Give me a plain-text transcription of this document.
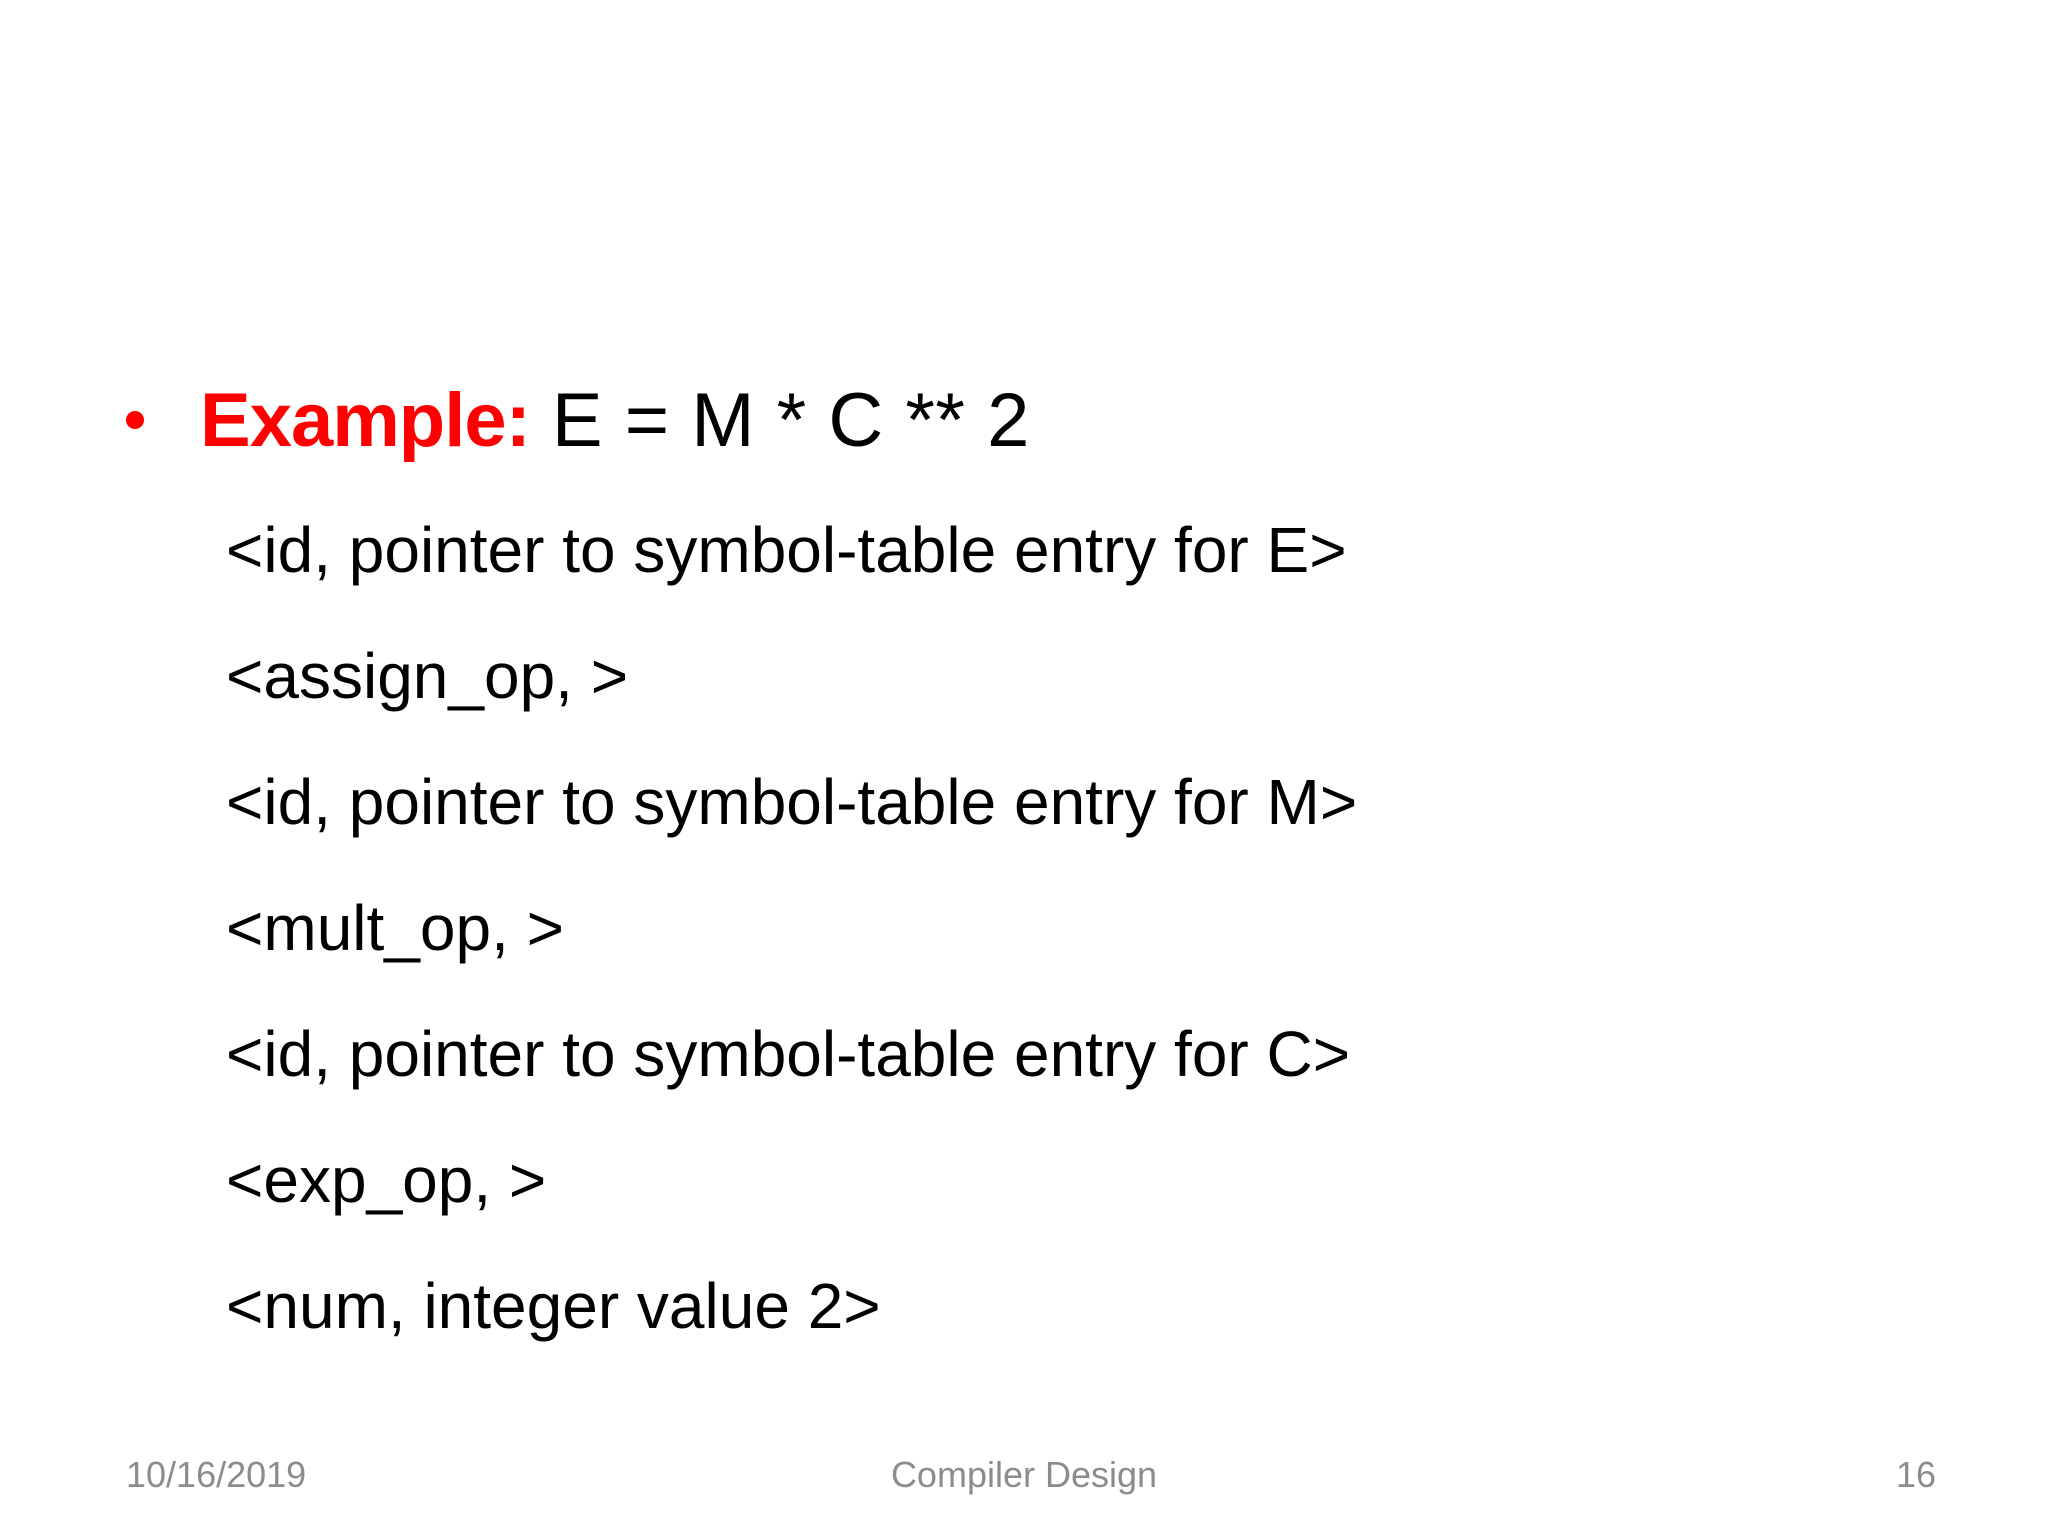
Example: E = M * C ** 2
<id, pointer to symbol-table entry for E>
<assign_op, >
<id, pointer to symbol-table entry for M>
<mult_op, >
<id, pointer to symbol-table entry for C>
<exp_op, >
<num, integer value 2>
10/16/2019	Compiler Design	16
